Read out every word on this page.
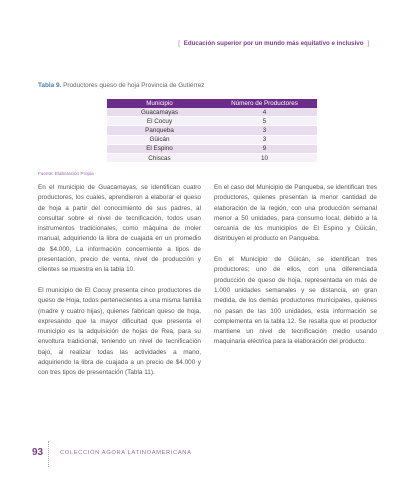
[ Educación superior por un mundo más equitativo e inclusivo ]
Tabla 9. Productores queso de hoja Provincia de Gutiérrez
Municipio	Número de Productores
Guacamayas	4
El Cocuy	5
Panqueba	3
Güicán	3
El Espino	9
Chiscas	10
Fuente: Elaboración Propia

En el municipio de Guacamayas, se identifican cuatro productores, los cuales, aprendieron a elaborar el queso de hoja a partir del conocimiento de sus padres, al consultar sobre el nivel de tecnificación, todos usan instrumentos tradicionales, como máquina de moler manual, adquiriendo la libra de cuajada en un promedio de $4.000, La información concerniente a tipos de presentación, precio de venta, nivel de producción y clientes se muestra en la tabla 10.

El municipio de El Cocuy presenta cinco productores de queso de Hoja, todos pertenecientes a una misma familia (madre y cuatro hijas), quienes fabrican queso de hoja, expresando que la mayor dificultad que presenta el municipio es la adquisición de hojas de Rea, para su envoltura tradicional, teniendo un nivel de tecnificación bajo, al realizar todas las actividades a mano, adquiriendo la libra de cuajada a un precio de $4.000 y con tres tipos de presentación (Tabla 11).

En el caso del Municipio de Panqueba, se identifican tres productores, quienes presentan la menor cantidad de elaboración de la región, con una producción semanal menor a 50 unidades, para consumo local, debido a la cercanía de los municipios de El Espino y Güicán, distribuyen el producto en Panqueba.

En el Municipio de Güicán, se identifican tres productores; uno de ellos, con una diferenciada producción de queso de hoja, representada en más de 1.000 unidades semanales y se distancia, en gran medida, de los demás productores municipales, quienes no pasan de las 100 unidades, esta información se complementa en la tabla 12. Se resalta que el productor mantiene un nivel de tecnificación medio usando maquinaria eléctrica para la elaboración del producto.

93	COLECCIÓN AGORA LATINOAMERICANA
